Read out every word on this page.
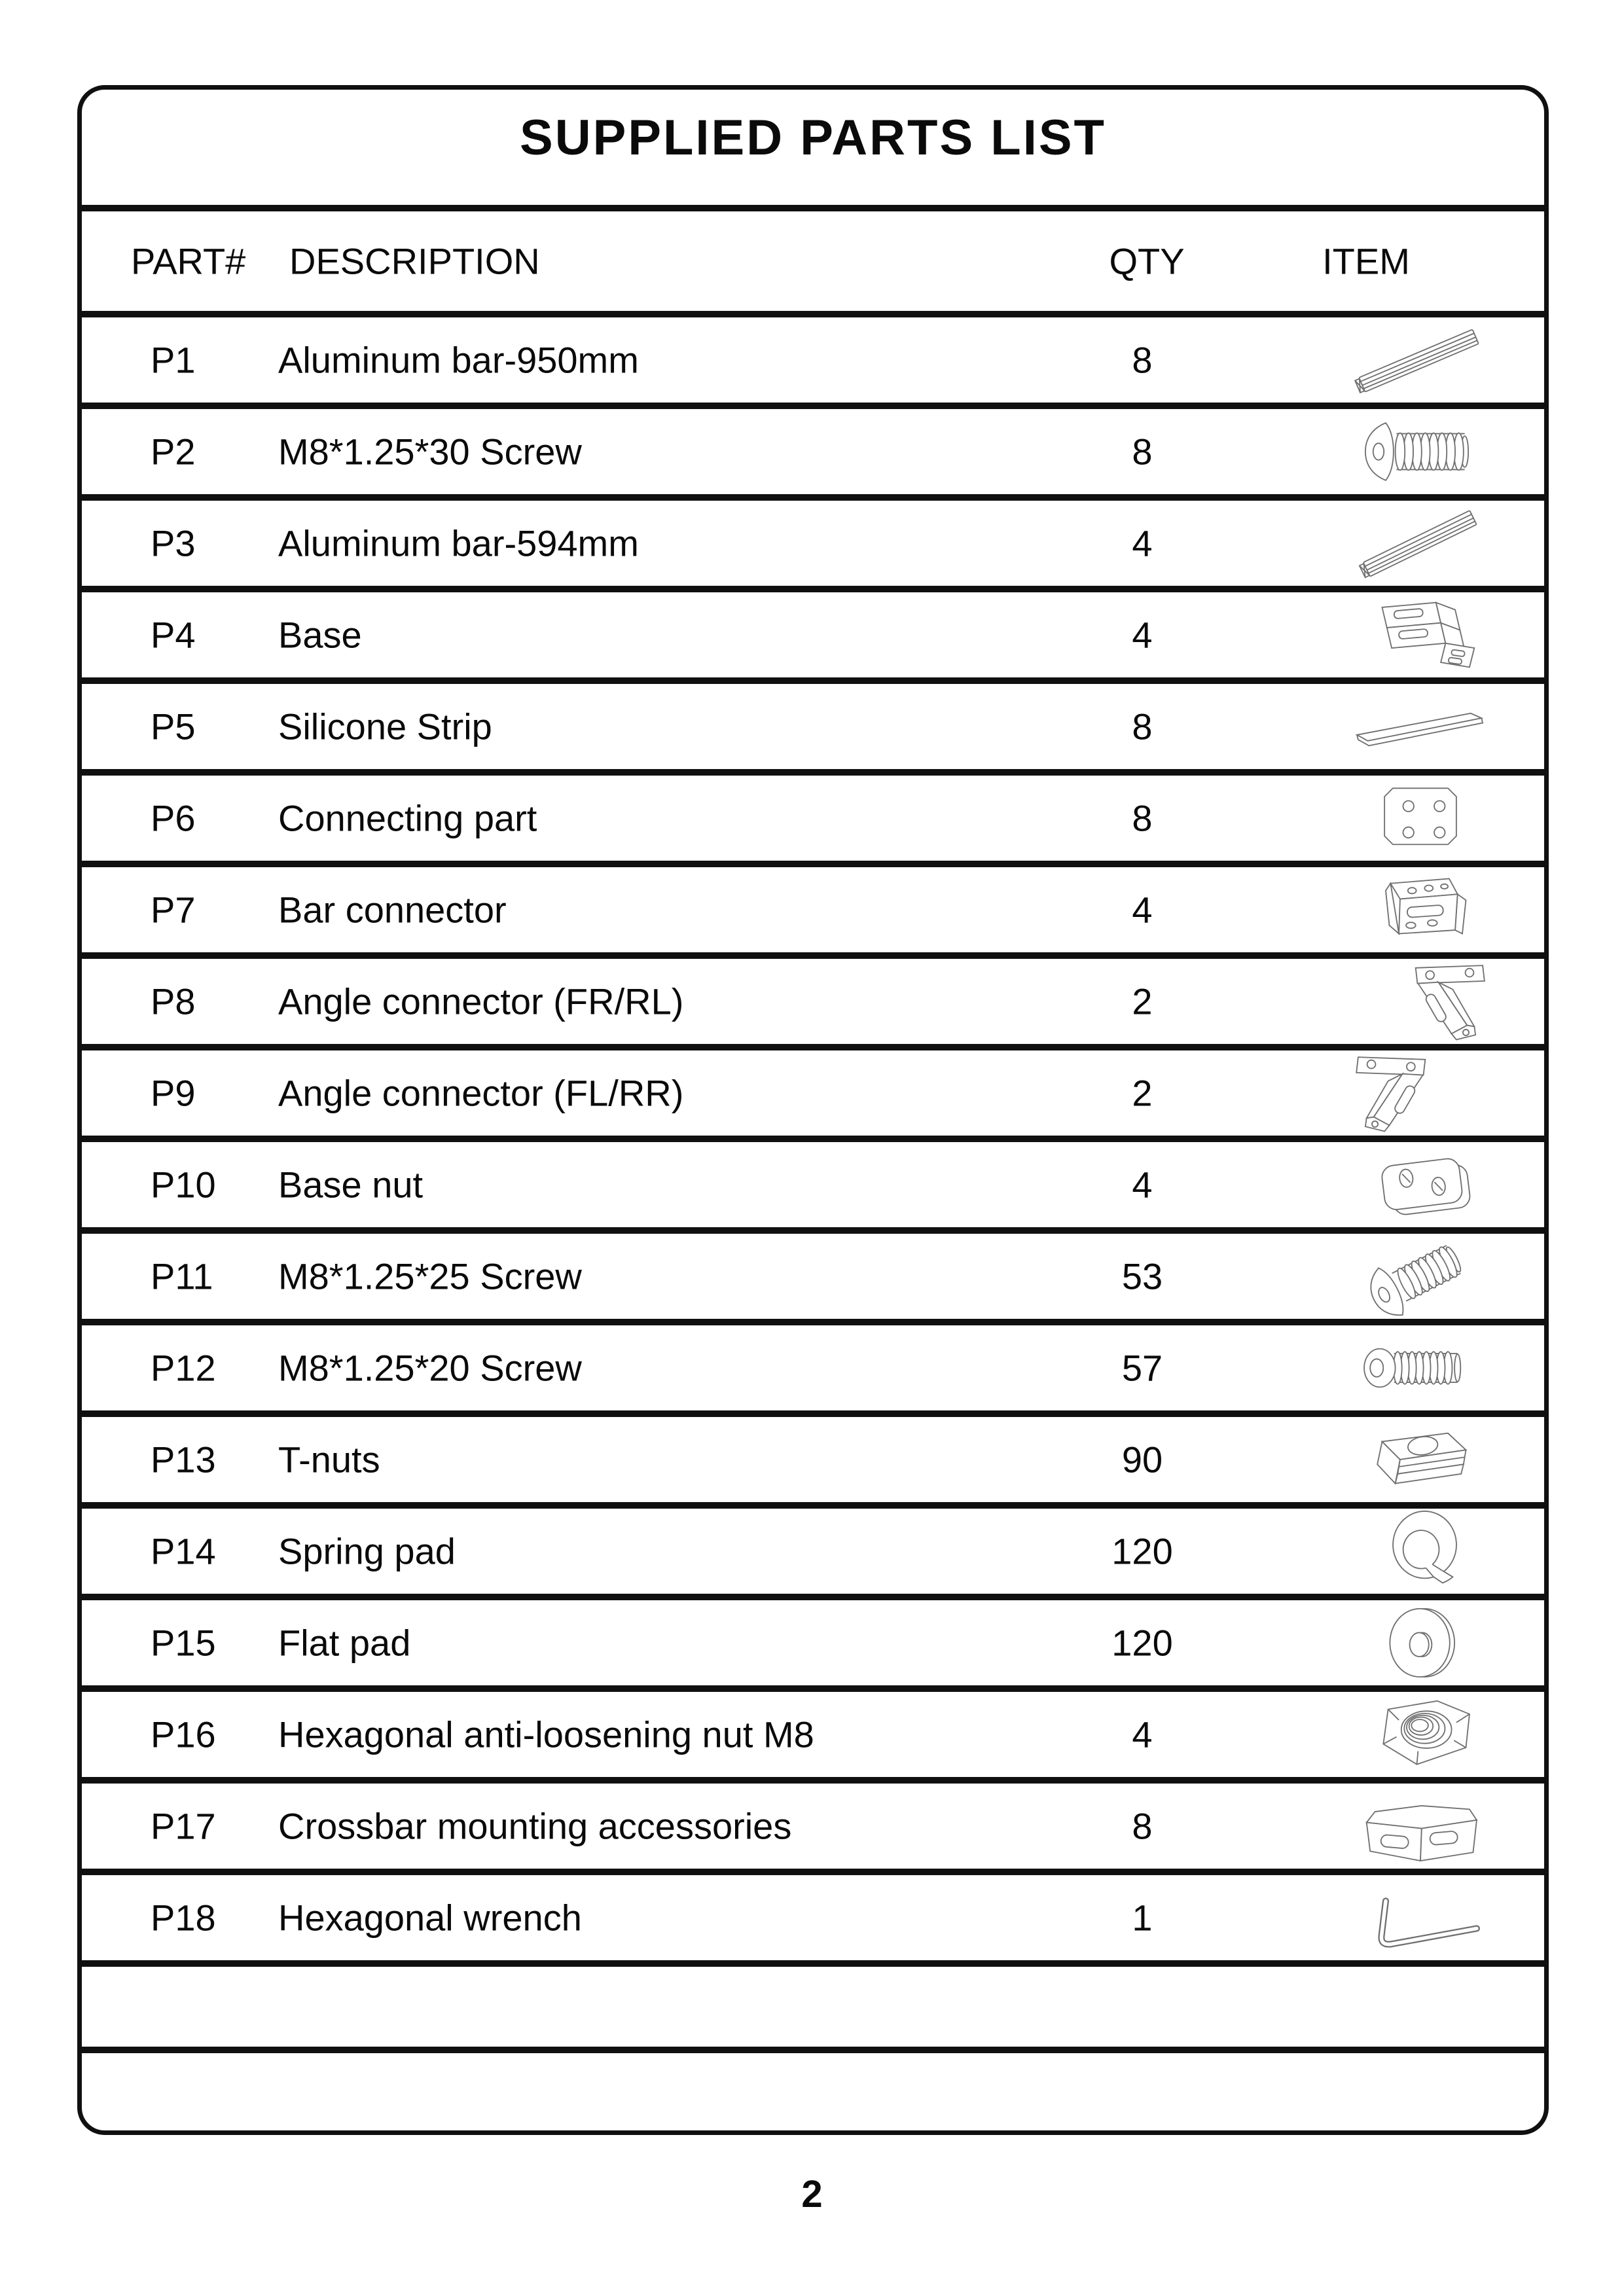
SUPPLIED PARTS LIST
PART# DESCRIPTION	QTY	ITEM
P1 Aluminum bar-950mm	8
P2 M8*1.25*30 Screw	8
P3 Aluminum bar-594mm	4
P4 Base	4
P5 Silicone Strip	8
P6 Connecting part	8
P7 Bar connector	4
P8 Angle connector (FR/RL)	2
P9 Angle connector (FL/RR)	2
P10 Base nut	4
P11 M8*1.25*25 Screw	53
P12 M8*1.25*20 Screw	57
P13 T-nuts	90
P14 Spring pad	120
P15 Flat pad	120
P16 Hexagonal anti-loosening nut M8	4
P17 Crossbar mounting accessories	8
P18 Hexagonal wrench	1
2
